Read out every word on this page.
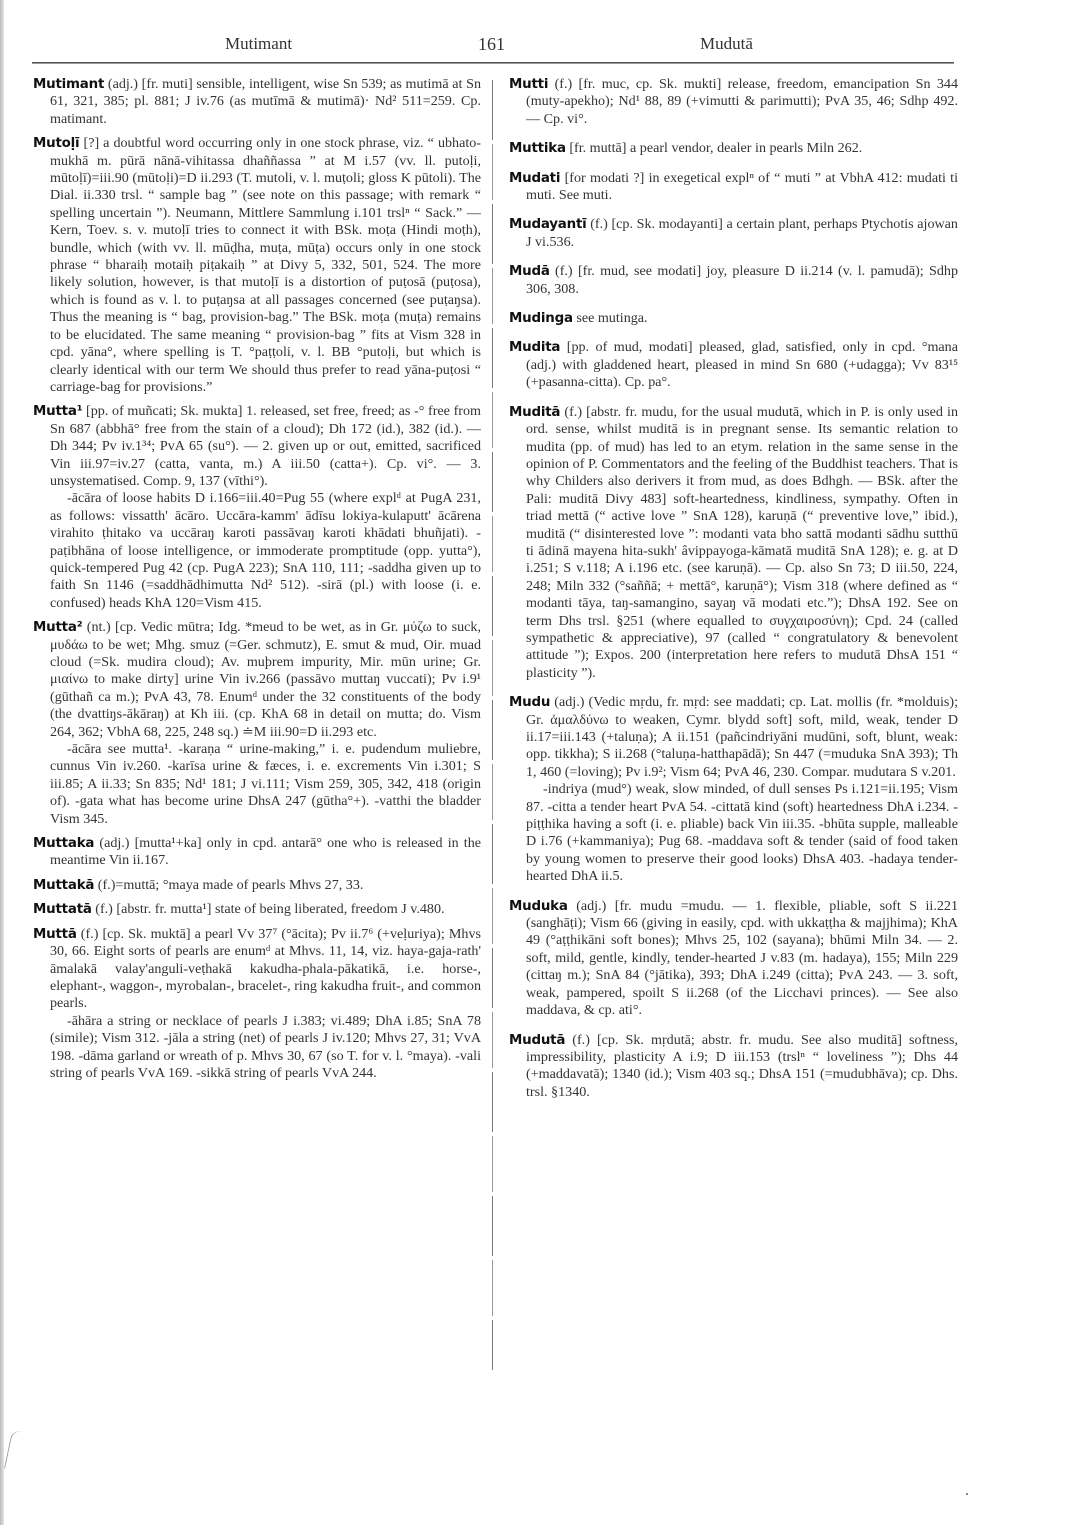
Mutimant	161	Mudutā
Mutimant (adj.) [fr. muti] sensible, intelligent, wise Sn 539; as mutimā at Sn 61, 321, 385; pl. 881; J iv.76 (as mutīmā & mutimā)· Nd² 511=259. Cp. matimant.
Mutoḷī [?] a doubtful word occurring only in one stock phrase, viz. “ ubhato-mukhā m. pūrā nānā-vihitassa dhaññassa ” at M i.57 (vv. ll. putoḷi, mūtoḷī)=iii.90 (mūtoḷi)=D ii.293 (T. mutoli, v. l. muṭoli; gloss K pūtoli). The Dial. ii.330 trsl. “ sample bag ” (see note on this passage; with remark “ spelling uncertain ”). Neumann, Mittlere Sammlung i.101 trslⁿ “ Sack.” — Kern, Toev. s. v. mutoḷī tries to connect it with BSk. moṭa (Hindi moṭh), bundle, which (with vv. ll. mūḍha, muṭa, mūṭa) occurs only in one stock phrase “ bharaiḥ motaiḥ piṭakaiḥ ” at Divy 5, 332, 501, 524. The more likely solution, however, is that mutoḷī is a distortion of puṭosā (puṭosa), which is found as v. l. to puṭaŋsa at all passages concerned (see puṭaŋsa). Thus the meaning is “ bag, provision-bag.” The BSk. moṭa (muṭa) remains to be elucidated. The same meaning “ provision-bag ” fits at Vism 328 in cpd. yāna°, where spelling is T. °paṭṭoli, v. l. BB °putoḷi, but which is clearly identical with our term We should thus prefer to read yāna-puṭosi “ carriage-bag for provisions.”
Mutta¹ [pp. of muñcati; Sk. mukta] 1. released, set free, freed; as -° free from Sn 687 (abbhā° free from the stain of a cloud); Dh 172 (id.), 382 (id.). — Dh 344; Pv iv.1³⁴; PvA 65 (su°). — 2. given up or out, emitted, sacrificed Vin iii.97=iv.27 (catta, vanta, m.) A iii.50 (catta+). Cp. vi°. — 3. unsystematised. Comp. 9, 137 (vīthi°).
-ācāra of loose habits D i.166=iii.40=Pug 55 (where explᵈ at PugA 231, as follows: vissatth' ācāro. Uccāra-kamm' ādīsu lokiya-kulaputt' ācārena virahito ṭhitako va uccāraŋ karoti passāvaŋ karoti khādati bhuñjati). -paṭibhāna of loose intelligence, or immoderate promptitude (opp. yutta°), quick-tempered Pug 42 (cp. PugA 223); SnA 110, 111; -saddha given up to faith Sn 1146 (=saddhādhimutta Nd² 512). -sirā (pl.) with loose (i. e. confused) heads KhA 120=Vism 415.
Mutta² (nt.) [cp. Vedic mūtra; Idg. *meud to be wet, as in Gr. μύζω to suck, μυδάω to be wet; Mhg. smuz (=Ger. schmutz), E. smut & mud, Oir. muad cloud (=Sk. mudira cloud); Av. muþrem impurity, Mir. mūn urine; Gr. μιαίνω to make dirty] urine Vin iv.266 (passāvo muttaŋ vuccati); Pv i.9¹ (gūthañ ca m.); PvA 43, 78. Enumᵈ under the 32 constituents of the body (the dvattiŋs-ākāraŋ) at Kh iii. (cp. KhA 68 in detail on mutta; do. Vism 264, 362; VbhA 68, 225, 248 sq.) ≐M iii.90=D ii.293 etc.
-ācāra see mutta¹. -karaṇa “ urine-making,” i. e. pudendum muliebre, cunnus Vin iv.260. -karīsa urine & fæces, i. e. excrements Vin i.301; S iii.85; A ii.33; Sn 835; Nd¹ 181; J vi.111; Vism 259, 305, 342, 418 (origin of). -gata what has become urine DhsA 247 (gūtha°+). -vatthi the bladder Vism 345.
Muttaka (adj.) [mutta¹+ka] only in cpd. antarā° one who is released in the meantime Vin ii.167.
Muttakā (f.)=muttā; °maya made of pearls Mhvs 27, 33.
Muttatā (f.) [abstr. fr. mutta¹] state of being liberated, freedom J v.480.
Muttā (f.) [cp. Sk. muktā] a pearl Vv 37⁷ (°ācita); Pv ii.7⁶ (+veḷuriya); Mhvs 30, 66. Eight sorts of pearls are enumᵈ at Mhvs. 11, 14, viz. haya-gaja-rath' āmalakā valay'anguli-veṭhakā kakudha-phala-pākatikā, i.e. horse-, elephant-, waggon-, myrobalan-, bracelet-, ring kakudha fruit-, and common pearls.
-āhāra a string or necklace of pearls J i.383; vi.489; DhA i.85; SnA 78 (simile); Vism 312. -jāla a string (net) of pearls J iv.120; Mhvs 27, 31; VvA 198. -dāma garland or wreath of p. Mhvs 30, 67 (so T. for v. l. °maya). -vali string of pearls VvA 169. -sikkā string of pearls VvA 244.
Mutti (f.) [fr. muc, cp. Sk. mukti] release, freedom, emancipation Sn 344 (muty-apekho); Nd¹ 88, 89 (+vimutti & parimutti); PvA 35, 46; Sdhp 492. — Cp. vi°.
Muttika [fr. muttā] a pearl vendor, dealer in pearls Miln 262.
Mudati [for modati ?] in exegetical explⁿ of “ muti ” at VbhA 412: mudati ti muti. See muti.
Mudayantī (f.) [cp. Sk. modayanti] a certain plant, perhaps Ptychotis ajowan J vi.536.
Mudā (f.) [fr. mud, see modati] joy, pleasure D ii.214 (v. l. pamudā); Sdhp 306, 308.
Mudinga see mutinga.
Mudita [pp. of mud, modati] pleased, glad, satisfied, only in cpd. °mana (adj.) with gladdened heart, pleased in mind Sn 680 (+udagga); Vv 83¹⁵ (+pasanna-citta). Cp. pa°.
Muditā (f.) [abstr. fr. mudu, for the usual mudutā, which in P. is only used in ord. sense, whilst muditā is in pregnant sense. Its semantic relation to mudita (pp. of mud) has led to an etym. relation in the same sense in the opinion of P. Commentators and the feeling of the Buddhist teachers. That is why Childers also derivers it from mud, as does Bdhgh. — BSk. after the Pali: muditā Divy 483] soft-heartedness, kindliness, sympathy. Often in triad mettā (“ active love ” SnA 128), karuṇā (“ preventive love,” ibid.), muditā (“ disinterested love ”: modanti vata bho sattā modanti sādhu sutthū ti ādinā mayena hita-sukh' âvippayoga-kāmatā muditā SnA 128); e. g. at D i.251; S v.118; A i.196 etc. (see karuṇā). — Cp. also Sn 73; D iii.50, 224, 248; Miln 332 (°saññā; + mettā°, karuṇā°); Vism 318 (where defined as “ modanti tāya, taŋ-samangino, sayaŋ vā modati etc.”); DhsA 192. See on term Dhs trsl. §251 (where equalled to συγχαιροσύνη); Cpd. 24 (called sympathetic & appreciative), 97 (called “ congratulatory & benevolent attitude ”); Expos. 200 (interpretation here refers to mudutā DhsA 151 “ plasticity ”).
Mudu (adj.) (Vedic mṛdu, fr. mṛd: see maddati; cp. Lat. mollis (fr. *molduis); Gr. ἀμαλδύνω to weaken, Cymr. blydd soft] soft, mild, weak, tender D ii.17=iii.143 (+taluṇa); A ii.151 (pañcindriyāni mudūni, soft, blunt, weak: opp. tikkha); S ii.268 (°taluṇa-hatthapādā); Sn 447 (=muduka SnA 393); Th 1, 460 (=loving); Pv i.9²; Vism 64; PvA 46, 230. Compar. mudutara S v.201.
-indriya (mud°) weak, slow minded, of dull senses Ps i.121=ii.195; Vism 87. -citta a tender heart PvA 54. -cittatā kind (soft) heartedness DhA i.234. -piṭṭhika having a soft (i. e. pliable) back Vin iii.35. -bhūta supple, malleable D i.76 (+kammaniya); Pug 68. -maddava soft & tender (said of food taken by young women to preserve their good looks) DhsA 403. -hadaya tender-hearted DhA ii.5.
Muduka (adj.) [fr. mudu =mudu. — 1. flexible, pliable, soft S ii.221 (sanghāṭi); Vism 66 (giving in easily, cpd. with ukkaṭṭha & majjhima); KhA 49 (°aṭṭhikāni soft bones); Mhvs 25, 102 (sayana); bhūmi Miln 34. — 2. soft, mild, gentle, kindly, tender-hearted J v.83 (m. hadaya), 155; Miln 229 (cittaŋ m.); SnA 84 (°jātika), 393; DhA i.249 (citta); PvA 243. — 3. soft, weak, pampered, spoilt S ii.268 (of the Licchavi princes). — See also maddava, & cp. ati°.
Mudutā (f.) [cp. Sk. mṛdutā; abstr. fr. mudu. See also muditā] softness, impressibility, plasticity A i.9; D iii.153 (trslⁿ “ loveliness ”); Dhs 44 (+maddavatā); 1340 (id.); Vism 403 sq.; DhsA 151 (=mudubhāva); cp. Dhs. trsl. §1340.
